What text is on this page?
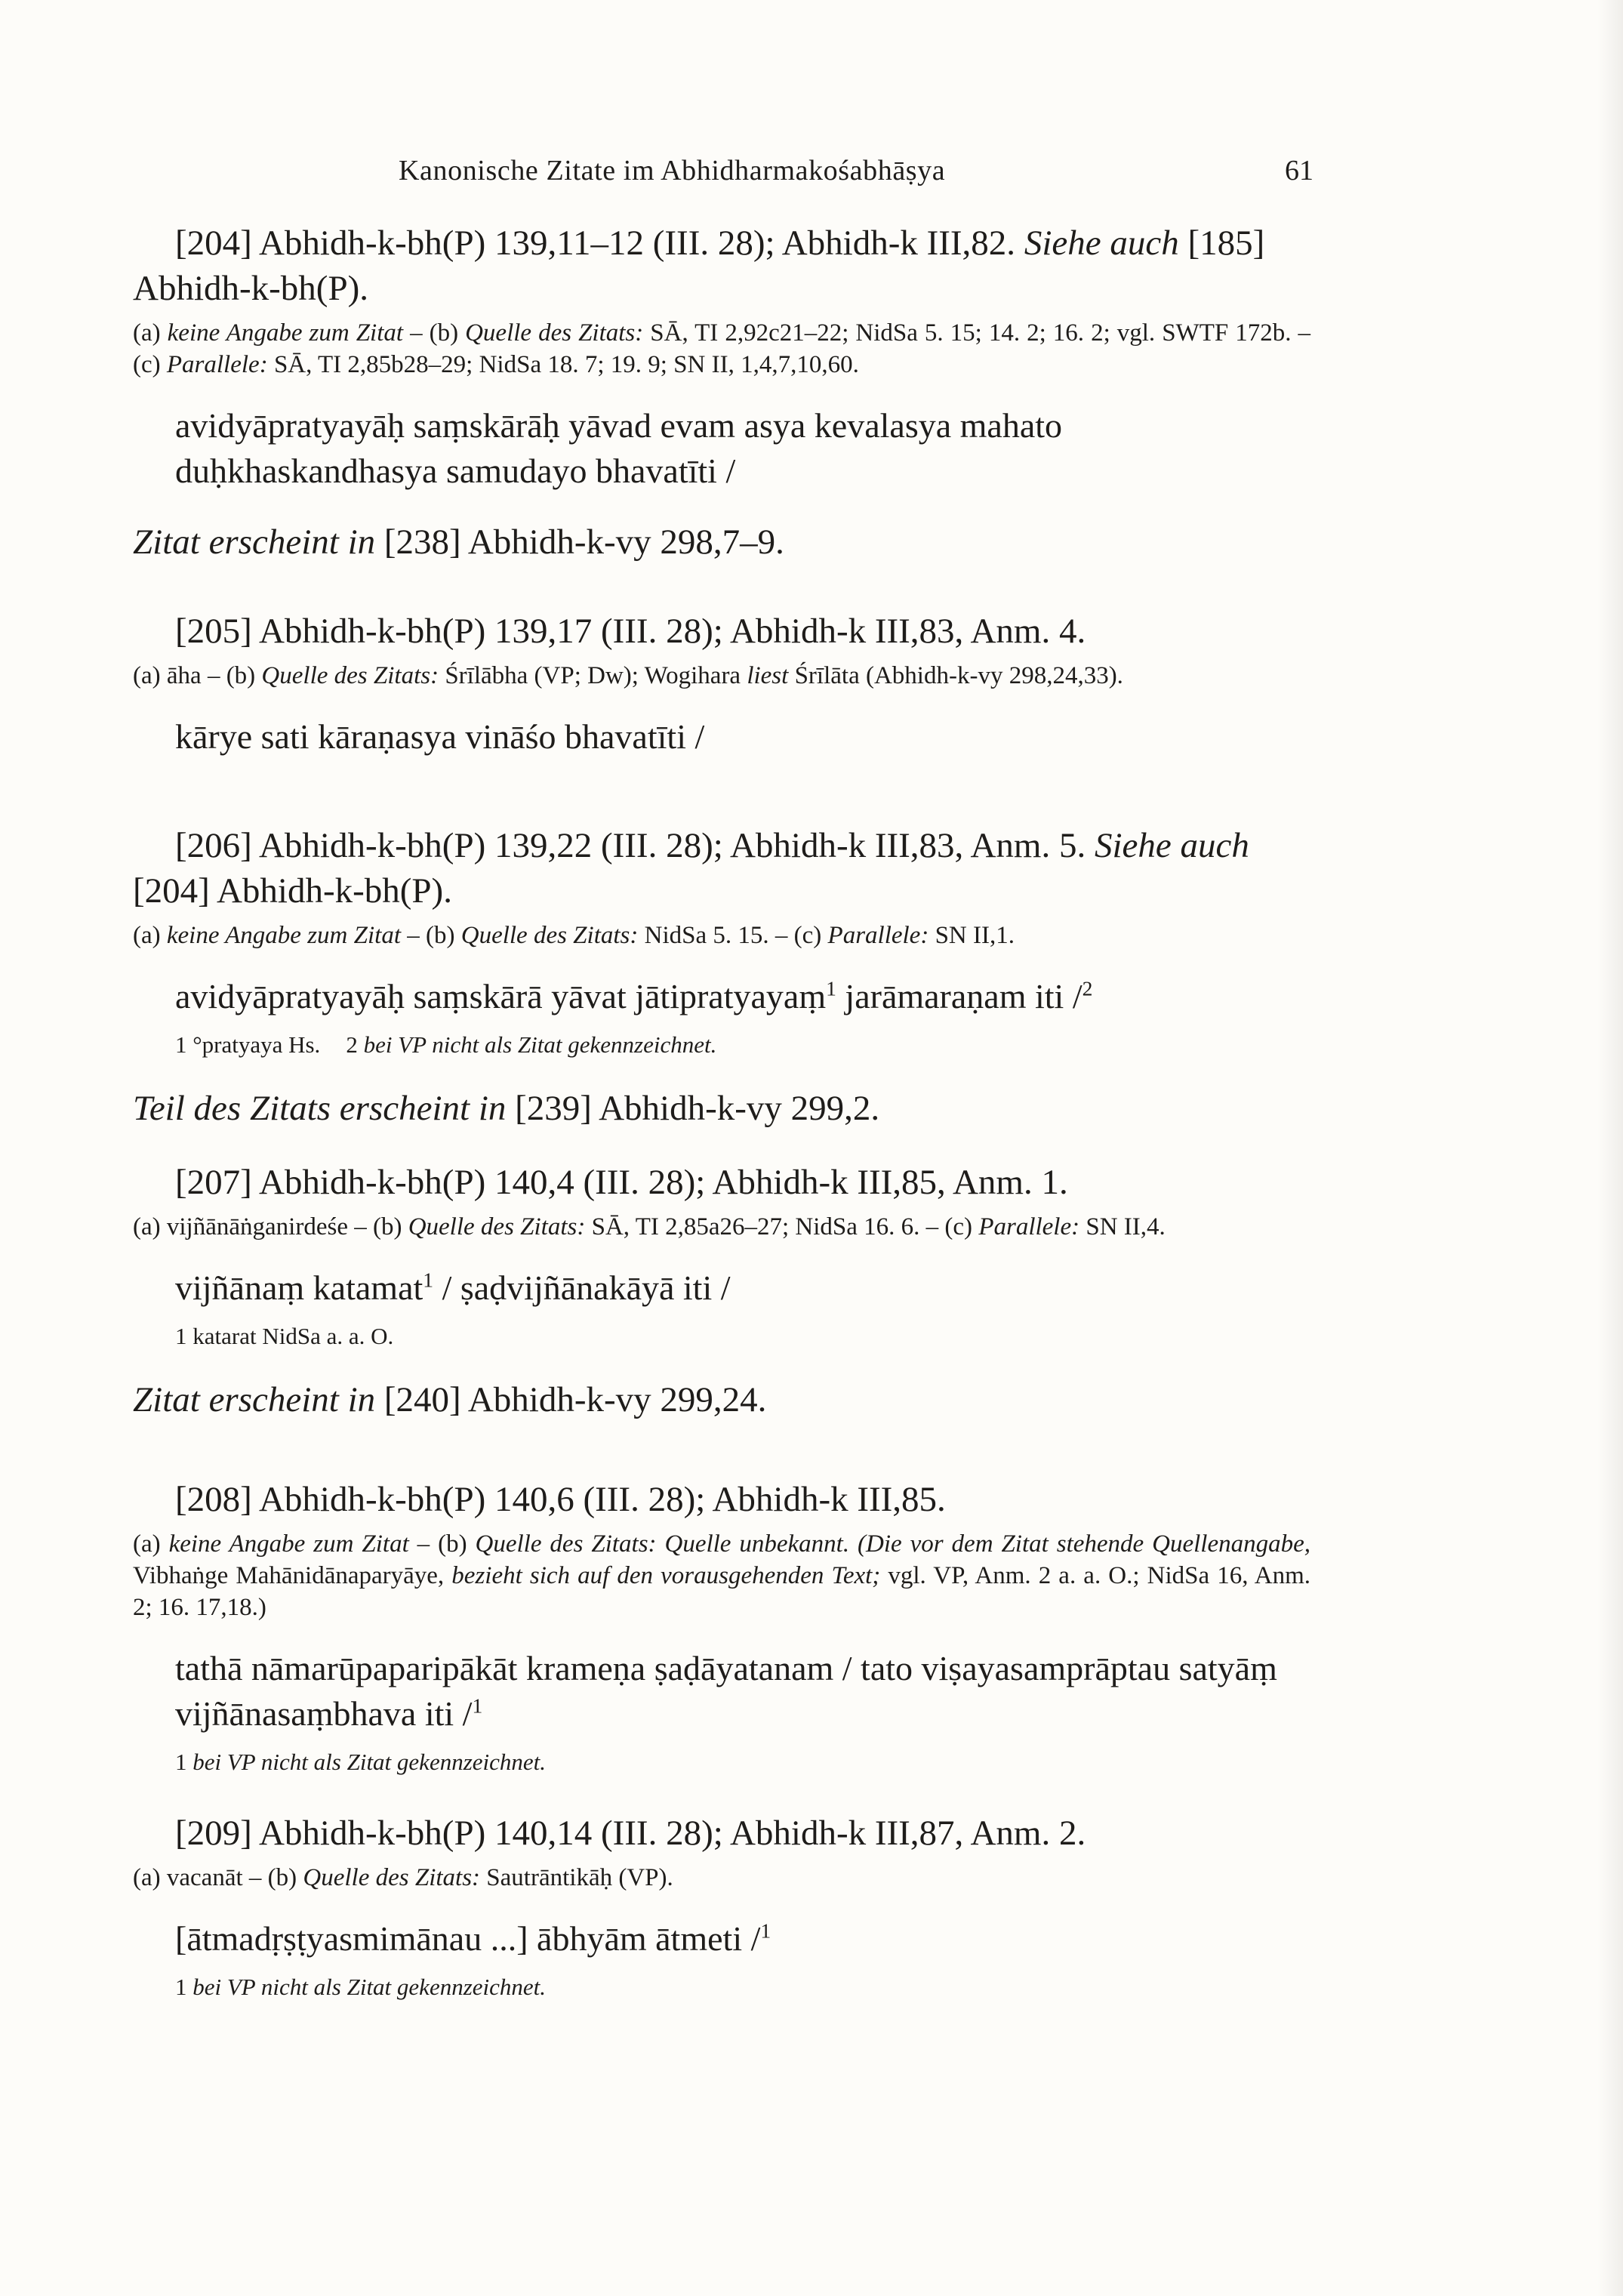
Kanonische Zitate im Abhidharmakośabhāṣya	61

[204] Abhidh-k-bh(P) 139,11–12 (III. 28); Abhidh-k III,82. Siehe auch [185] Abhidh-k-bh(P).

(a) keine Angabe zum Zitat – (b) Quelle des Zitats: SĀ, TI 2,92c21–22; NidSa 5. 15; 14. 2; 16. 2; vgl. SWTF 172b. – (c) Parallele: SĀ, TI 2,85b28–29; NidSa 18. 7; 19. 9; SN II, 1,4,7,10,60.

avidyāpratyayāḥ saṃskārāḥ yāvad evam asya kevalasya mahato duḥkhaskandhasya samudayo bhavatīti /

Zitat erscheint in [238] Abhidh-k-vy 298,7–9.

[205] Abhidh-k-bh(P) 139,17 (III. 28); Abhidh-k III,83, Anm. 4.

(a) āha – (b) Quelle des Zitats: Śrīlābha (VP; Dw); Wogihara liest Śrīlāta (Abhidh-k-vy 298,24,33).

kārye sati kāraṇasya vināśo bhavatīti /

[206] Abhidh-k-bh(P) 139,22 (III. 28); Abhidh-k III,83, Anm. 5. Siehe auch [204] Abhidh-k-bh(P).

(a) keine Angabe zum Zitat – (b) Quelle des Zitats: NidSa 5. 15. – (c) Parallele: SN II,1.

avidyāpratyayāḥ saṃskārā yāvat jātipratyayaṃ$^1$ jarāmaraṇam iti /$^2$

1 °pratyaya Hs. 2 bei VP nicht als Zitat gekennzeichnet.

Teil des Zitats erscheint in [239] Abhidh-k-vy 299,2.

[207] Abhidh-k-bh(P) 140,4 (III. 28); Abhidh-k III,85, Anm. 1.

(a) vijñānāṅganirdeśe – (b) Quelle des Zitats: SĀ, TI 2,85a26–27; NidSa 16. 6. – (c) Parallele: SN II,4.

vijñānaṃ katamat$^1$ / ṣaḍvijñānakāyā iti /

1 katarat NidSa a. a. O.

Zitat erscheint in [240] Abhidh-k-vy 299,24.

[208] Abhidh-k-bh(P) 140,6 (III. 28); Abhidh-k III,85.

(a) keine Angabe zum Zitat – (b) Quelle des Zitats: Quelle unbekannt. (Die vor dem Zitat stehende Quellenangabe, Vibhaṅge Mahānidānaparyāye, bezieht sich auf den vorausgehenden Text; vgl. VP, Anm. 2 a. a. O.; NidSa 16, Anm. 2; 16. 17,18.)

tathā nāmarūpaparipākāt krameṇa ṣaḍāyatanam / tato viṣayasamprāptau satyāṃ vijñānasaṃbhava iti /$^1$

1 bei VP nicht als Zitat gekennzeichnet.

[209] Abhidh-k-bh(P) 140,14 (III. 28); Abhidh-k III,87, Anm. 2.

(a) vacanāt – (b) Quelle des Zitats: Sautrāntikāḥ (VP).

[ātmadṛṣṭyasmimānau ...] ābhyām ātmeti /$^1$

1 bei VP nicht als Zitat gekennzeichnet.
